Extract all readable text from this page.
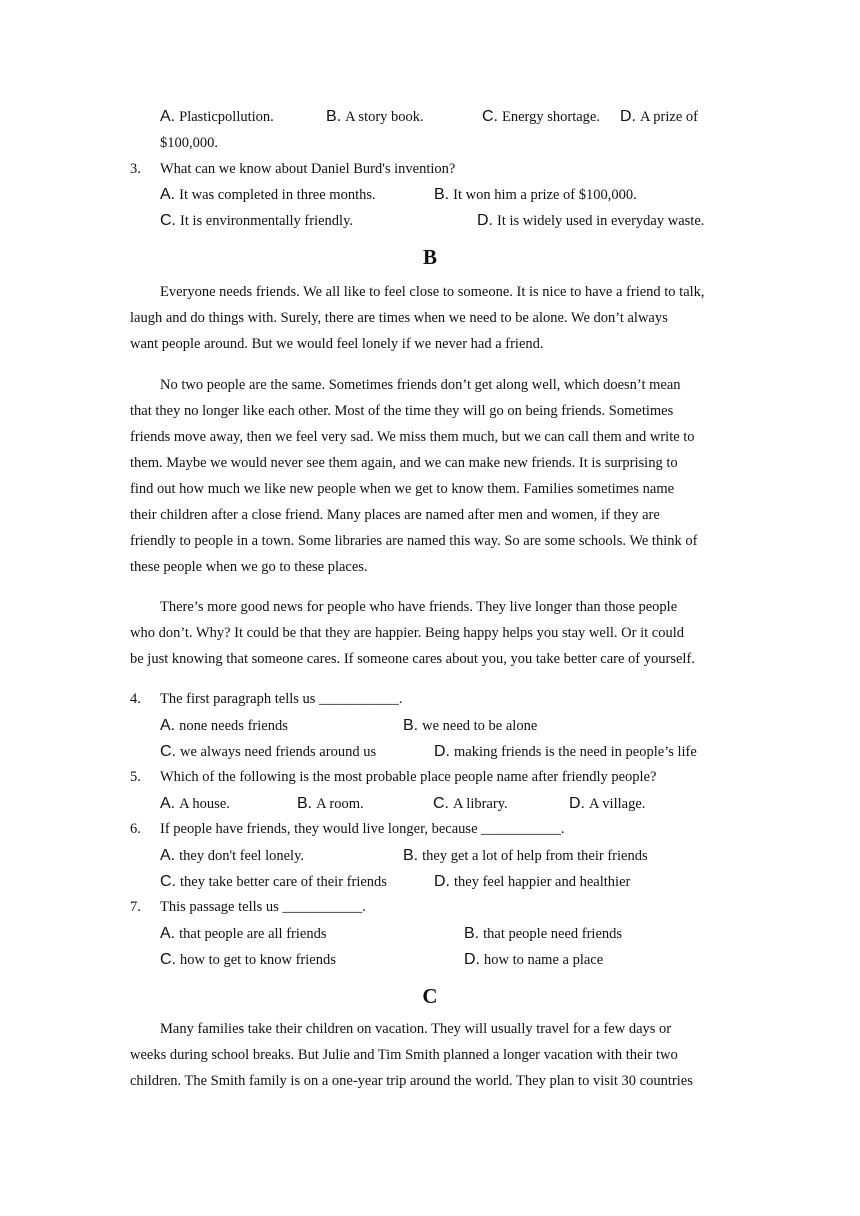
A. Plasticpollution.	B. A story book.	C. Energy shortage. D. A prize of
$100,000.
3. What can we know about Daniel Burd's invention?
A. It was completed in three months.	B. It won him a prize of $100,000.
C. It is environmentally friendly.	D. It is widely used in everyday waste.
B
Everyone needs friends. We all like to feel close to someone. It is nice to have a friend to talk,
laugh and do things with. Surely, there are times when we need to be alone. We don’t always
want people around. But we would feel lonely if we never had a friend.
No two people are the same. Sometimes friends don’t get along well, which doesn’t mean
that they no longer like each other. Most of the time they will go on being friends. Sometimes
friends move away, then we feel very sad. We miss them much, but we can call them and write to
them. Maybe we would never see them again, and we can make new friends. It is surprising to
find out how much we like new people when we get to know them. Families sometimes name
their children after a close friend. Many places are named after men and women, if they are
friendly to people in a town. Some libraries are named this way. So are some schools. We think of
these people when we go to these places.
There’s more good news for people who have friends. They live longer than those people
who don’t. Why? It could be that they are happier. Being happy helps you stay well. Or it could
be just knowing that someone cares. If someone cares about you, you take better care of yourself.
4. The first paragraph tells us ___________.
A. none needs friends	B. we need to be alone
C. we always need friends around us	D. making friends is the need in people’s life
5. Which of the following is the most probable place people name after friendly people?
A. A house.	B. A room.	C. A library.	D. A village.
6. If people have friends, they would live longer, because ___________.
A. they don't feel lonely.	B. they get a lot of help from their friends
C. they take better care of their friends	D. they feel happier and healthier
7. This passage tells us ___________.
A. that people are all friends	B. that people need friends
C. how to get to know friends	D. how to name a place
C
Many families take their children on vacation. They will usually travel for a few days or
weeks during school breaks. But Julie and Tim Smith planned a longer vacation with their two
children. The Smith family is on a one-year trip around the world. They plan to visit 30 countries
